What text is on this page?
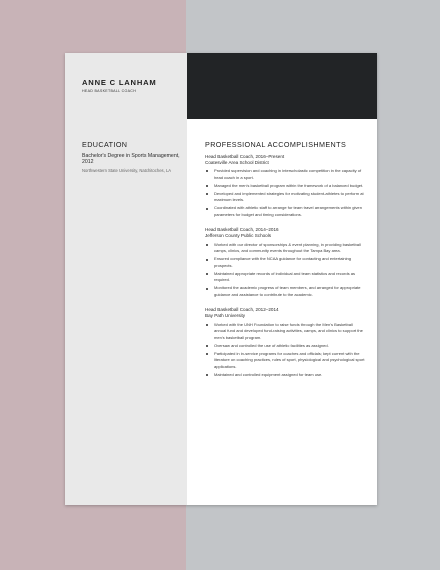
ANNE C LANHAM
HEAD BASKETBALL COACH
EDUCATION
Bachelor's Degree in Sports Management, 2012
Northwestern State University, Natchitoches, LA
PROFESSIONAL ACCOMPLISHMENTS
Head Basketball Coach, 2016–Present
Coatesville Area School District
Provided supervision and coaching in interscholastic competition in the capacity of head coach in a sport.
Managed the men's basketball program within the framework of a balanced budget.
Developed and implemented strategies for motivating student-athletes to perform at maximum levels.
Coordinated with athletic staff to arrange for team travel arrangements within given parameters for budget and timing considerations.
Head Basketball Coach, 2014–2016
Jefferson County Public Schools
Worked with our director of sponsorships & event planning, in providing basketball camps, clinics, and community events throughout the Tampa Bay area.
Ensured compliance with the NCAA guidance for contacting and entertaining prospects.
Maintained appropriate records of individual and team statistics and records as required.
Monitored the academic progress of team members, and arranged for appropriate guidance and assistance to contribute to the academic.
Head Basketball Coach, 2012–2014
Bay Path University
Worked with the UNH Foundation to raise funds through the Men's Basketball annual fund and developed fund-raising activities, camps, and clinics to support the men's basketball program.
Oversaw and controlled the use of athletic facilities as assigned.
Participated in in-service programs for coaches and officials; kept current with the literature on coaching practices, rules of sport, physiological and psychological sport applications.
Maintained and controlled equipment assigned for team use.
